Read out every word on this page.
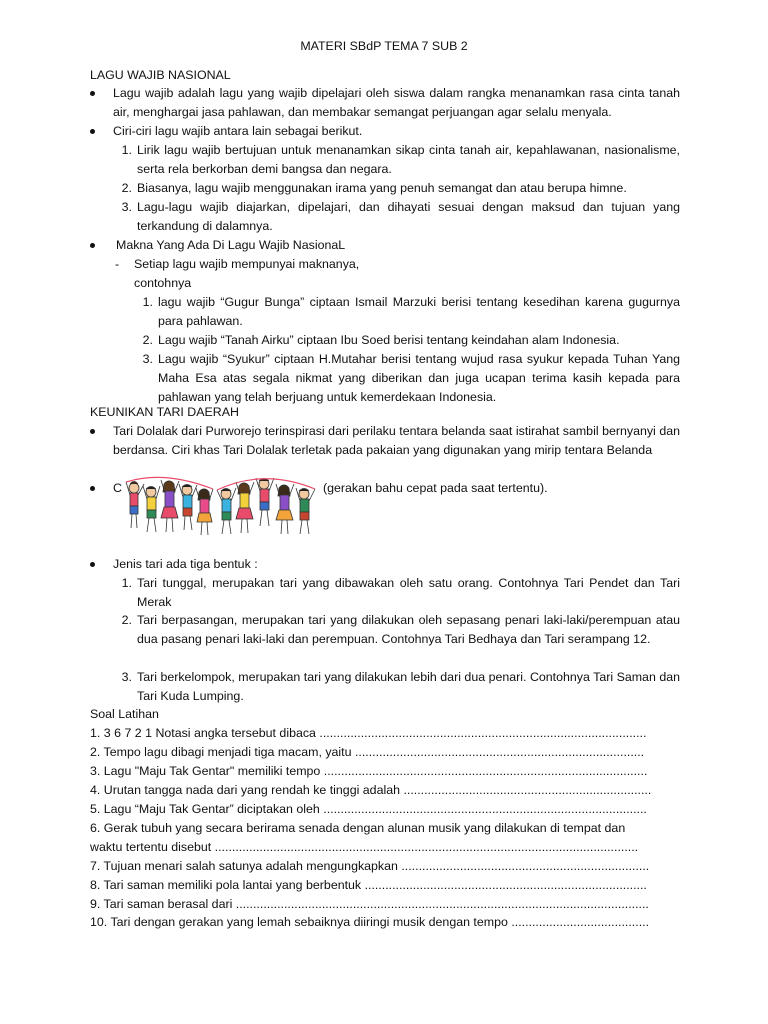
MATERI SBdP TEMA 7 SUB 2
LAGU WAJIB NASIONAL
Lagu wajib adalah lagu yang wajib dipelajari oleh siswa dalam rangka menanamkan rasa cinta tanah air, menghargai jasa pahlawan, dan membakar semangat perjuangan agar selalu menyala.
Ciri-ciri lagu wajib antara lain sebagai berikut.
1. Lirik lagu wajib bertujuan untuk menanamkan sikap cinta tanah air, kepahlawanan, nasionalisme, serta rela berkorban demi bangsa dan negara.
2. Biasanya, lagu wajib menggunakan irama yang penuh semangat dan atau berupa himne.
3. Lagu-lagu wajib diajarkan, dipelajari, dan dihayati sesuai dengan maksud dan tujuan yang terkandung di dalamnya.
Makna Yang Ada Di Lagu Wajib NasionaL
- Setiap lagu wajib mempunyai maknanya,
contohnya
1. lagu wajib “Gugur Bunga” ciptaan Ismail Marzuki berisi tentang kesedihan karena gugurnya para pahlawan.
2. Lagu wajib “Tanah Airku” ciptaan Ibu Soed berisi tentang keindahan alam Indonesia.
3. Lagu wajib “Syukur” ciptaan H.Mutahar berisi tentang wujud rasa syukur kepada Tuhan Yang Maha Esa atas segala nikmat yang diberikan dan juga ucapan terima kasih kepada para pahlawan yang telah berjuang untuk kemerdekaan Indonesia.
KEUNIKAN TARI DAERAH
Tari Dolalak dari Purworejo terinspirasi dari perilaku tentara belanda saat istirahat sambil bernyanyi dan berdansa. Ciri khas Tari Dolalak terletak pada pakaian yang digunakan yang mirip tentara Belanda
C	(gerakan bahu cepat pada saat tertentu).
Jenis tari ada tiga bentuk :
1. Tari tunggal, merupakan tari yang dibawakan oleh satu orang. Contohnya Tari Pendet dan Tari Merak
2. Tari berpasangan, merupakan tari yang dilakukan oleh sepasang penari laki-laki/perempuan atau dua pasang penari laki-laki dan perempuan. Contohnya Tari Bedhaya dan Tari serampang 12.
3. Tari berkelompok, merupakan tari yang dilakukan lebih dari dua penari. Contohnya Tari Saman dan Tari Kuda Lumping.
Soal Latihan
1. 3 6 7 2 1 Notasi angka tersebut dibaca ...............................................................................................
2. Tempo lagu dibagi menjadi tiga macam, yaitu ....................................................................................
3. Lagu "Maju Tak Gentar" memiliki tempo ..............................................................................................
4. Urutan tangga nada dari yang rendah ke tinggi adalah ........................................................................
5. Lagu “Maju Tak Gentar” diciptakan oleh ..............................................................................................
6. Gerak tubuh yang secara berirama senada dengan alunan musik yang dilakukan di tempat dan
waktu tertentu disebut ...........................................................................................................................
7. Tujuan menari salah satunya adalah mengungkapkan ........................................................................
8. Tari saman memiliki pola lantai yang berbentuk ..................................................................................
9. Tari saman berasal dari ........................................................................................................................
10. Tari dengan gerakan yang lemah sebaiknya diiringi musik dengan tempo ........................................
